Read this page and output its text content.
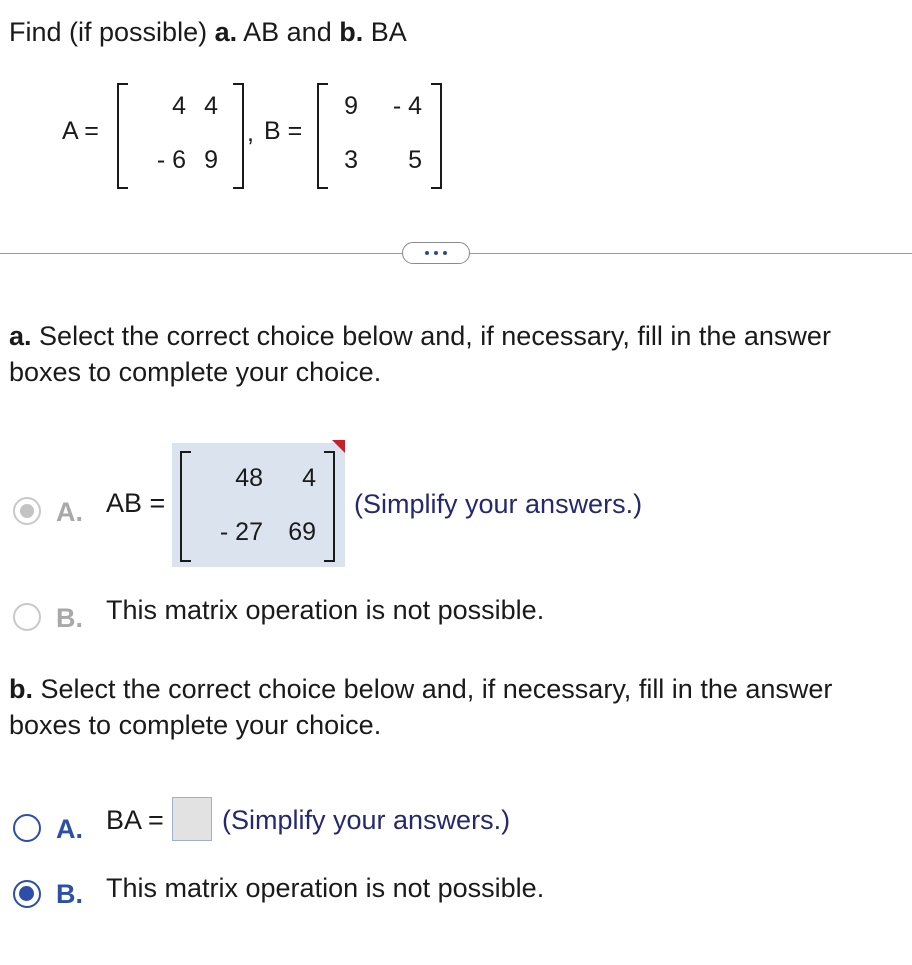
Find (if possible) a. AB and b. BA
A =
4 4
- 6 9
, B =
9	- 4
3	5
a. Select the correct choice below and, if necessary, fill in the answer boxes to complete your choice.
A. AB =
48	4
- 27	69
(Simplify your answers.)
B. This matrix operation is not possible.
b. Select the correct choice below and, if necessary, fill in the answer boxes to complete your choice.
A. BA = (Simplify your answers.)
B. This matrix operation is not possible.
